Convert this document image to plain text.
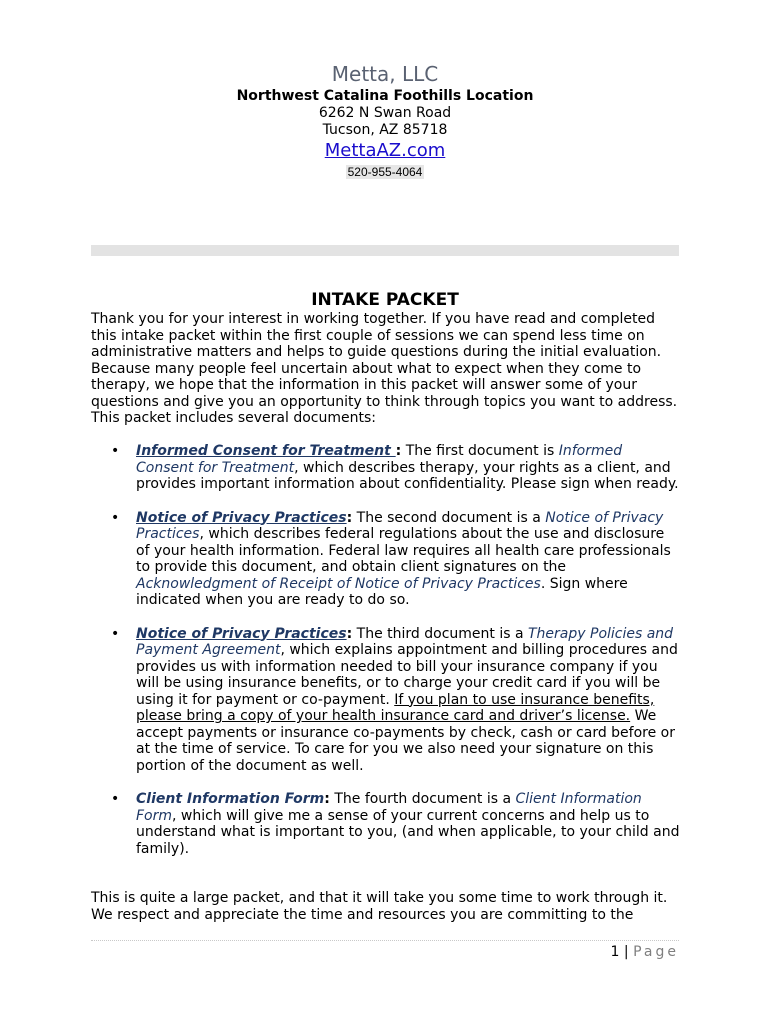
Metta, LLC
Northwest Catalina Foothills Location
6262 N Swan Road
Tucson, AZ 85718
MettaAZ.com
520-955-4064
INTAKE PACKET
Thank you for your interest in working together. If you have read and completed this intake packet within the first couple of sessions we can spend less time on administrative matters and helps to guide questions during the initial evaluation. Because many people feel uncertain about what to expect when they come to therapy, we hope that the information in this packet will answer some of your questions and give you an opportunity to think through topics you want to address. This packet includes several documents:
• Informed Consent for Treatment : The first document is Informed Consent for Treatment, which describes therapy, your rights as a client, and provides important information about confidentiality. Please sign when ready.
• Notice of Privacy Practices: The second document is a Notice of Privacy Practices, which describes federal regulations about the use and disclosure of your health information. Federal law requires all health care professionals to provide this document, and obtain client signatures on the Acknowledgment of Receipt of Notice of Privacy Practices. Sign where indicated when you are ready to do so.
• Notice of Privacy Practices: The third document is a Therapy Policies and Payment Agreement, which explains appointment and billing procedures and provides us with information needed to bill your insurance company if you will be using insurance benefits, or to charge your credit card if you will be using it for payment or co-payment. If you plan to use insurance benefits, please bring a copy of your health insurance card and driver’s license. We accept payments or insurance co-payments by check, cash or card before or at the time of service. To care for you we also need your signature on this portion of the document as well.
• Client Information Form: The fourth document is a Client Information Form, which will give me a sense of your current concerns and help us to understand what is important to you, (and when applicable, to your child and family).
This is quite a large packet, and that it will take you some time to work through it. We respect and appreciate the time and resources you are committing to the
1 | Page
